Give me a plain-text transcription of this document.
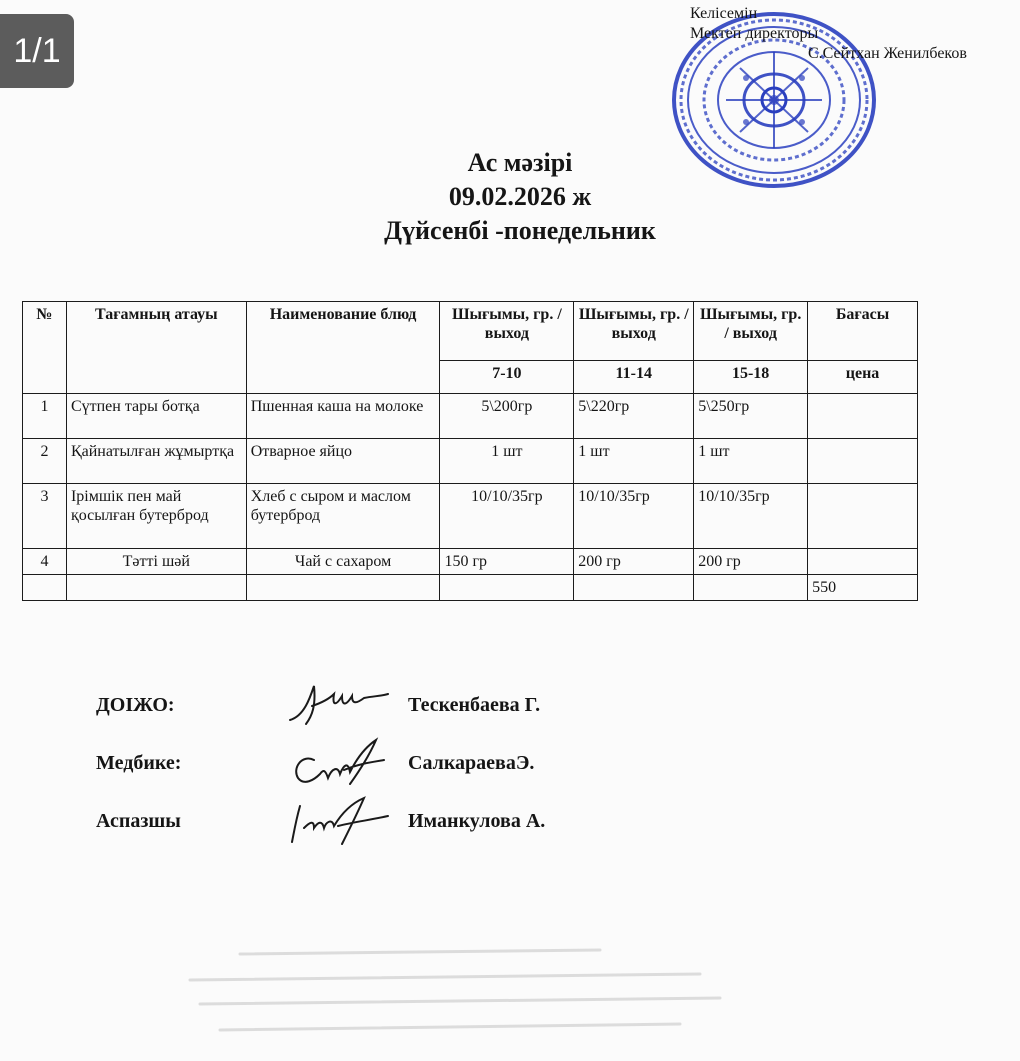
1/1
Келісемін
Мектеп директоры
С.Сейтхан Женилбеков
Ас мәзірі
09.02.2026 ж
Дүйсенбі -понедельник
№	Тағамның атауы	Наименование блюд	Шығымы, гр. / выход	Шығымы, гр. / выход	Шығымы, гр. / выход	Бағасы
			7-10	11-14	15-18	цена
1	Сүтпен тары ботқа	Пшенная каша на молоке	5\200гр	5\220гр	5\250гр	
2	Қайнатылған жұмыртқа	Отварное яйцо	1 шт	1 шт	1 шт	
3	Ірімшік пен май қосылған бутерброд	Хлеб с сыром и маслом бутерброд	10/10/35гр	10/10/35гр	10/10/35гр	
4	Тәтті шәй	Чай с сахаром	150 гр	200 гр	200 гр	
						550
ДОІЖО:	Тескенбаева Г.
Медбике:	СалкараеваЭ.
Аспазшы	Иманкулова А.
